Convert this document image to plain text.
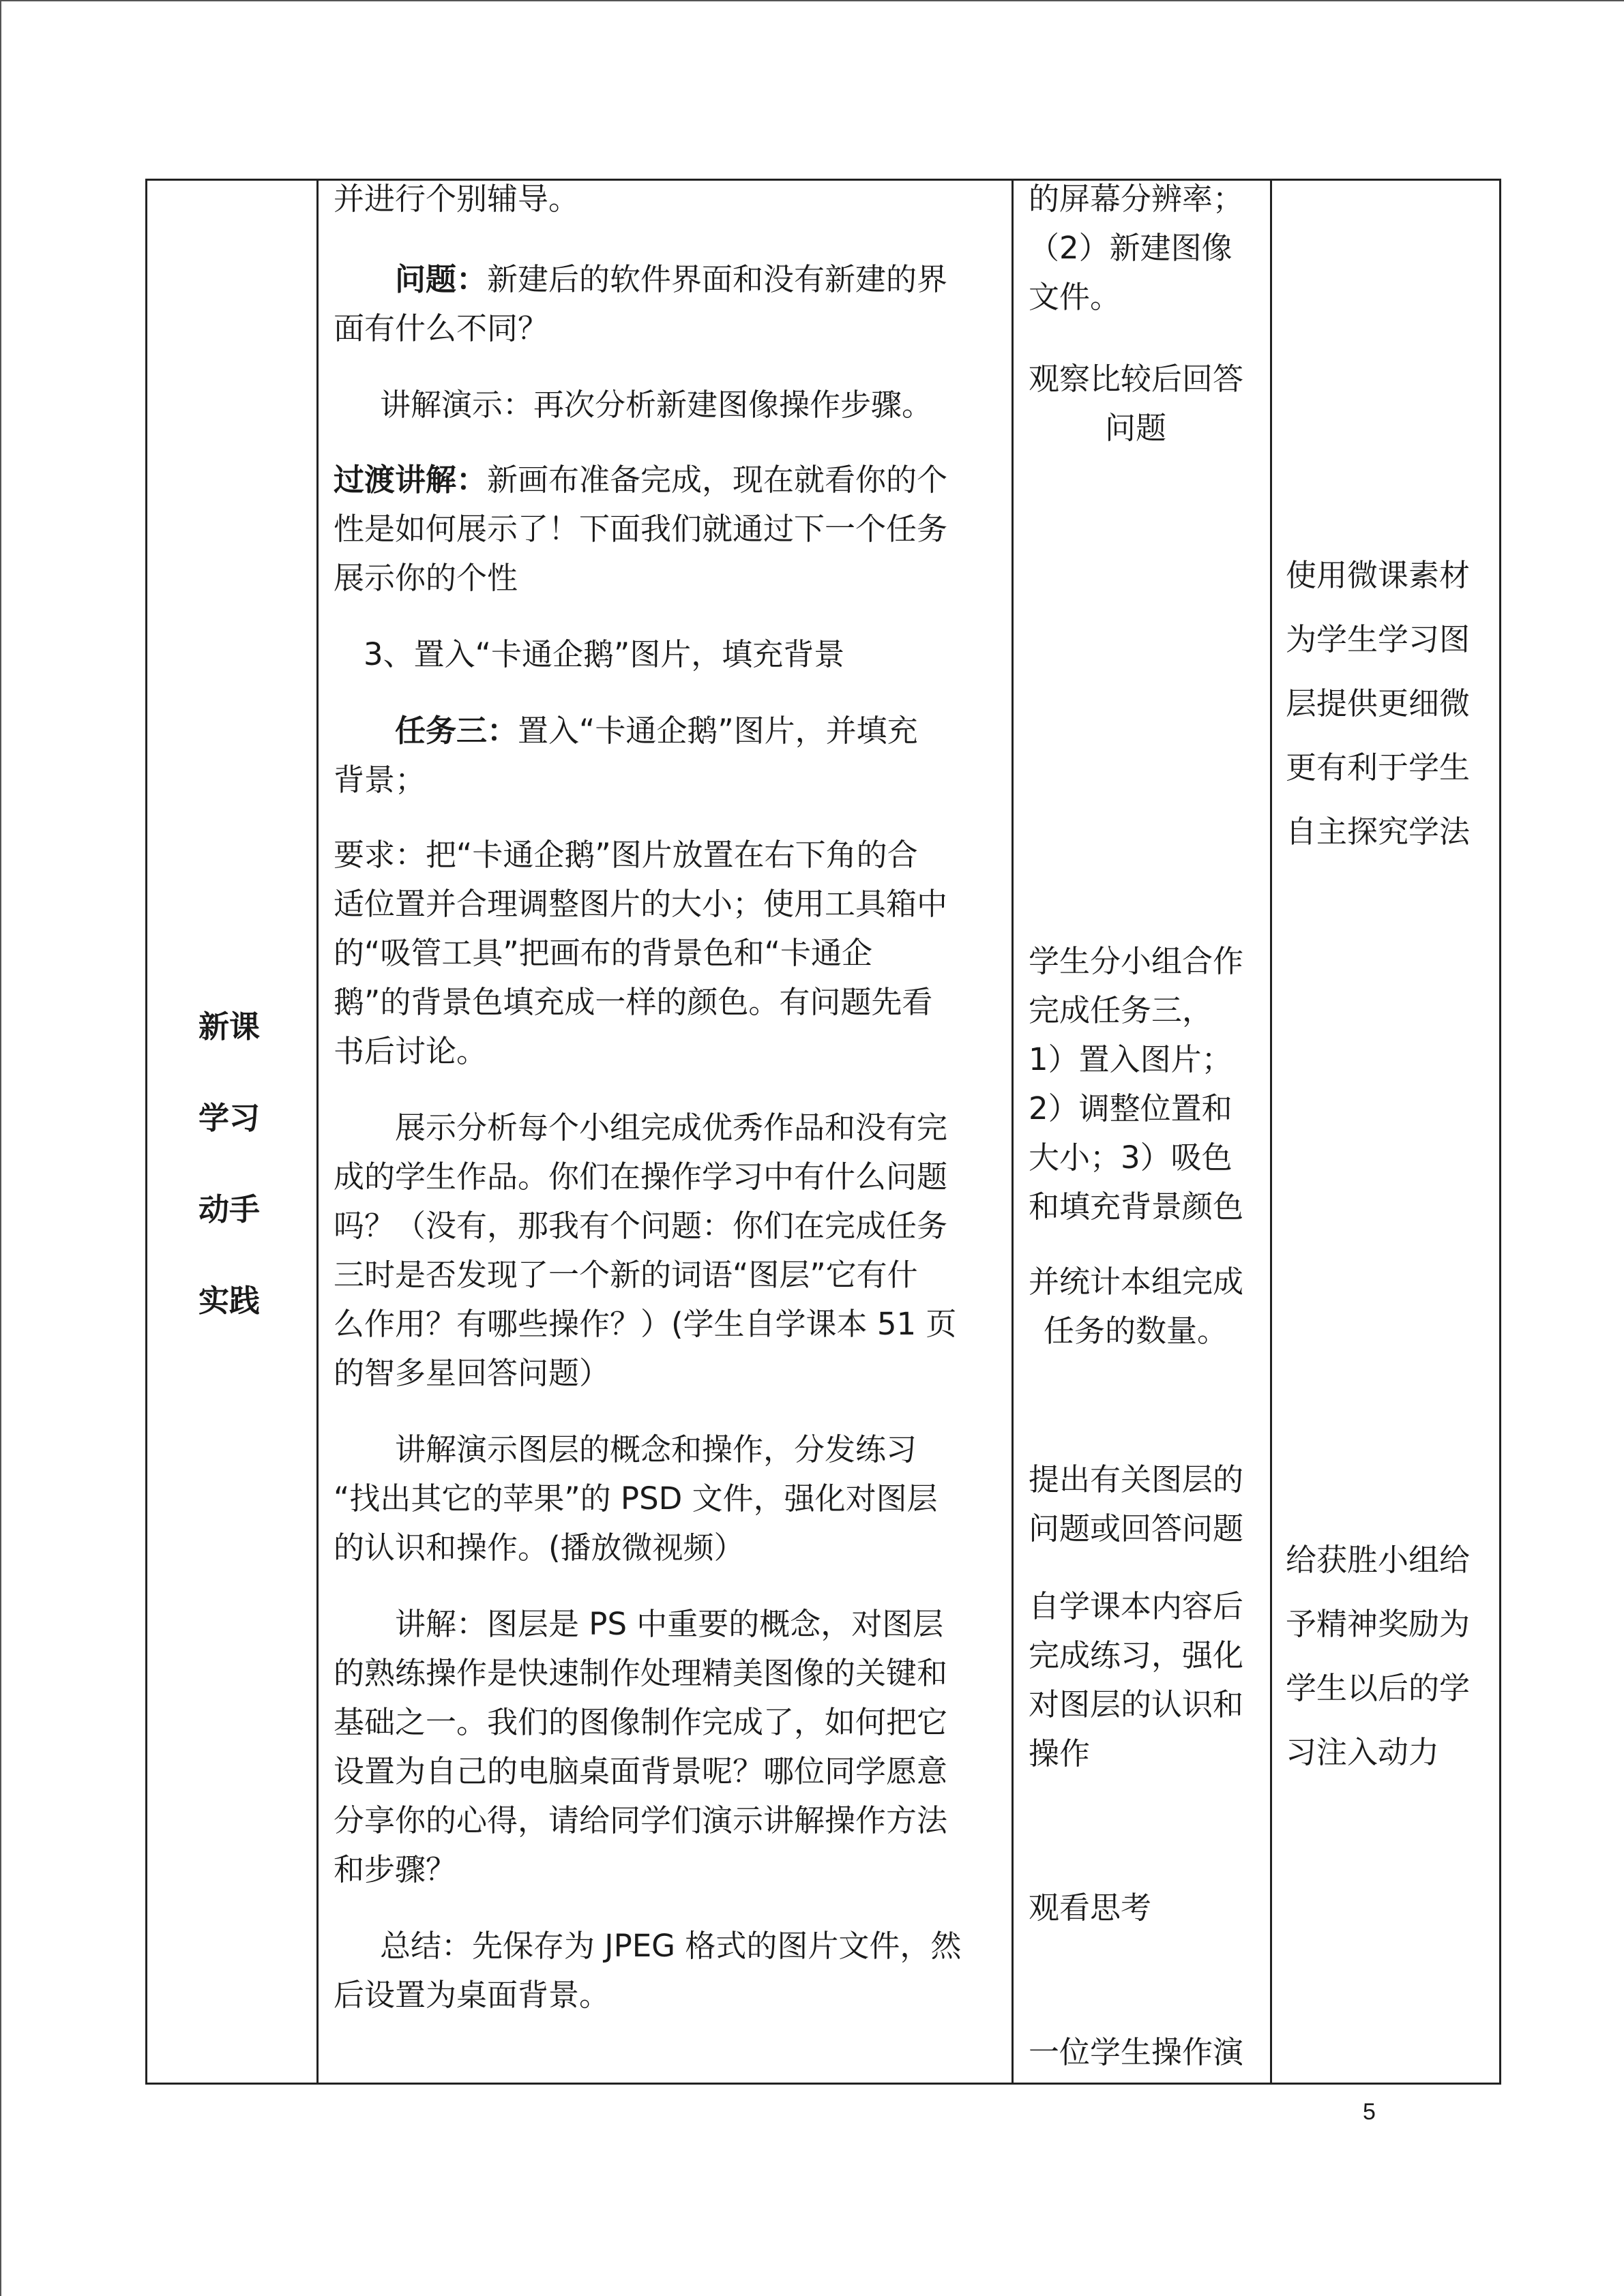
新课
学习
动手
实践
并进行个别辅导。
问题：新建后的软件界面和没有新建的界
面有什么不同？
讲解演示：再次分析新建图像操作步骤。
过渡讲解：新画布准备完成，现在就看你的个
性是如何展示了！下面我们就通过下一个任务
展示你的个性
3、置入“卡通企鹅”图片，填充背景
任务三：置入“卡通企鹅”图片，并填充
背景；
要求：把“卡通企鹅”图片放置在右下角的合
适位置并合理调整图片的大小；使用工具箱中
的“吸管工具”把画布的背景色和“卡通企
鹅”的背景色填充成一样的颜色。有问题先看
书后讨论。
展示分析每个小组完成优秀作品和没有完
成的学生作品。你们在操作学习中有什么问题
吗？（没有，那我有个问题：你们在完成任务
三时是否发现了一个新的词语“图层”它有什
么作用？有哪些操作？）(学生自学课本 51 页
的智多星回答问题）
讲解演示图层的概念和操作，分发练习
“找出其它的苹果”的 PSD 文件，强化对图层
的认识和操作。(播放微视频）
讲解：图层是 PS 中重要的概念，对图层
的熟练操作是快速制作处理精美图像的关键和
基础之一。我们的图像制作完成了，如何把它
设置为自己的电脑桌面背景呢？哪位同学愿意
分享你的心得，请给同学们演示讲解操作方法
和步骤？
总结：先保存为 JPEG 格式的图片文件，然
后设置为桌面背景。
的屏幕分辨率；
（2）新建图像
文件。
观察比较后回答
问题
学生分小组合作
完成任务三，
1）置入图片；
2）调整位置和
大小；3）吸色
和填充背景颜色
并统计本组完成
任务的数量。
提出有关图层的
问题或回答问题
自学课本内容后
完成练习，强化
对图层的认识和
操作
观看思考
一位学生操作演
使用微课素材
为学生学习图
层提供更细微
更有利于学生
自主探究学法
给获胜小组给
予精神奖励为
学生以后的学
习注入动力
5
